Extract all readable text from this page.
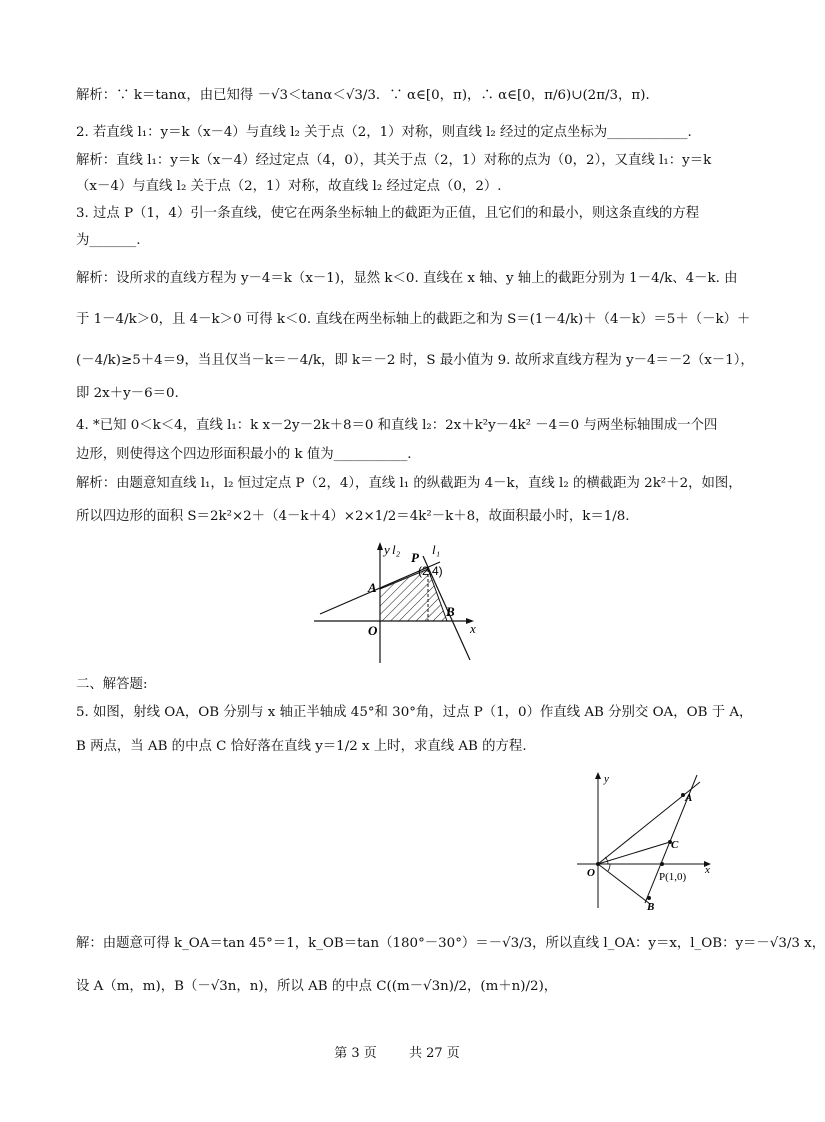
解析：∵ k＝tanα，由已知得 －√3＜tanα＜√3/3．∵ α∈[0，π)，∴ α∈[0，π/6)∪(2π/3，π)．
2. 若直线 l₁：y＝k（x－4）与直线 l₂ 关于点（2，1）对称，则直线 l₂ 经过的定点坐标为____________.
解析：直线 l₁：y＝k（x－4）经过定点（4，0），其关于点（2，1）对称的点为（0，2），又直线 l₁：y＝k
（x－4）与直线 l₂ 关于点（2，1）对称，故直线 l₂ 经过定点（0，2）.
3. 过点 P（1，4）引一条直线，使它在两条坐标轴上的截距为正值，且它们的和最小，则这条直线的方程
为_______.
解析：设所求的直线方程为 y－4＝k（x－1)，显然 k＜0. 直线在 x 轴、y 轴上的截距分别为 1－4/k、4－k. 由
于 1－4/k＞0，且 4－k＞0 可得 k＜0. 直线在两坐标轴上的截距之和为 S＝(1－4/k)＋（4－k）＝5＋（－k）＋
(－4/k)≥5＋4＝9，当且仅当－k＝－4/k，即 k＝－2 时，S 最小值为 9. 故所求直线方程为 y－4＝－2（x－1），
即 2x＋y－6＝0.
4. *已知 0＜k＜4，直线 l₁：k x－2y－2k＋8＝0 和直线 l₂：2x＋k²y－4k² －4＝0 与两坐标轴围成一个四
边形，则使得这个四边形面积最小的 k 值为___________.
解析：由题意知直线 l₁，l₂ 恒过定点 P（2，4），直线 l₁ 的纵截距为 4－k，直线 l₂ 的横截距为 2k²＋2，如图，
所以四边形的面积 S＝2k²×2＋（4－k＋4）×2×1/2＝4k²－k＋8，故面积最小时，k＝1/8.
y l₂ l₁
P
(2,4)
A
B
O	x
二、解答题:
5. 如图，射线 OA，OB 分别与 x 轴正半轴成 45°和 30°角，过点 P（1，0）作直线 AB 分别交 OA，OB 于 A，
B 两点，当 AB 的中点 C 恰好落在直线 y＝1/2 x 上时，求直线 AB 的方程.
y
A
C
O	P(1,0)
x
B
解：由题意可得 k_OA＝tan 45°＝1，k_OB＝tan（180°－30°）＝－√3/3，所以直线 l_OA：y＝x，l_OB：y＝－√3/3 x，
设 A（m，m)，B（－√3n，n)，所以 AB 的中点 C((m－√3n)/2，(m＋n)/2)，
第 3 页 共 27 页
